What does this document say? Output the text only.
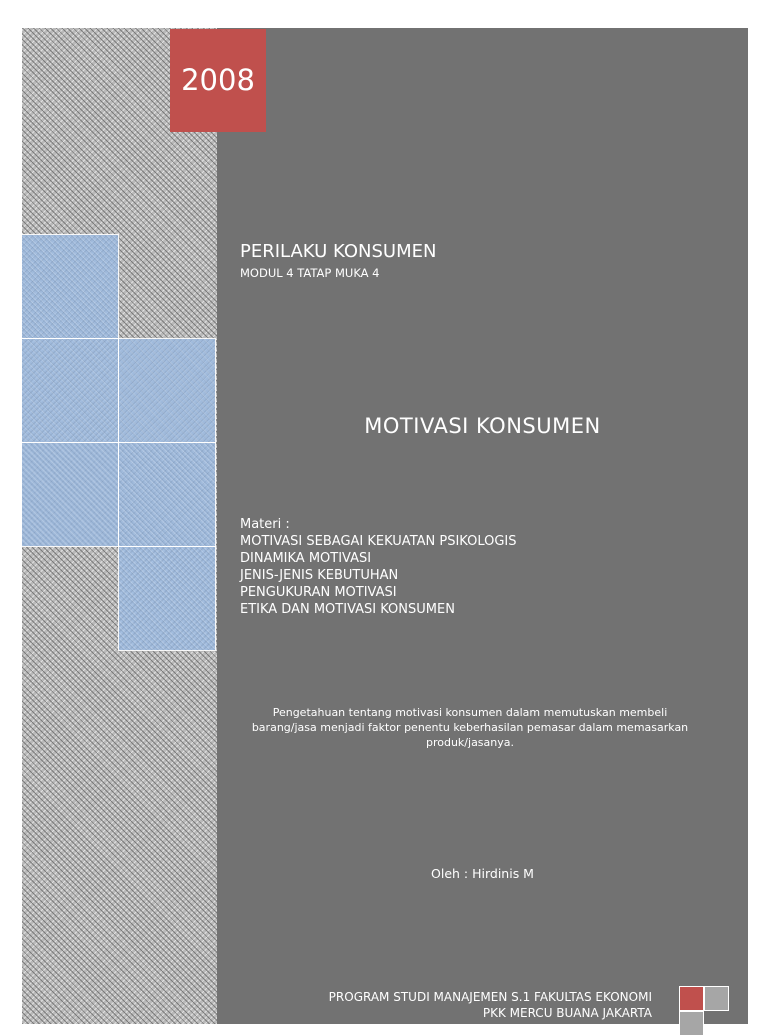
2008
PERILAKU KONSUMEN
MODUL 4 TATAP MUKA 4
MOTIVASI KONSUMEN
Materi :
MOTIVASI SEBAGAI KEKUATAN PSIKOLOGIS
DINAMIKA MOTIVASI
JENIS-JENIS KEBUTUHAN
PENGUKURAN MOTIVASI
ETIKA DAN MOTIVASI KONSUMEN
Pengetahuan tentang motivasi konsumen dalam memutuskan membeli barang/jasa menjadi faktor penentu keberhasilan pemasar dalam memasarkan produk/jasanya.
Oleh : Hirdinis M
PROGRAM STUDI MANAJEMEN S.1 FAKULTAS EKONOMI
PKK MERCU BUANA JAKARTA
